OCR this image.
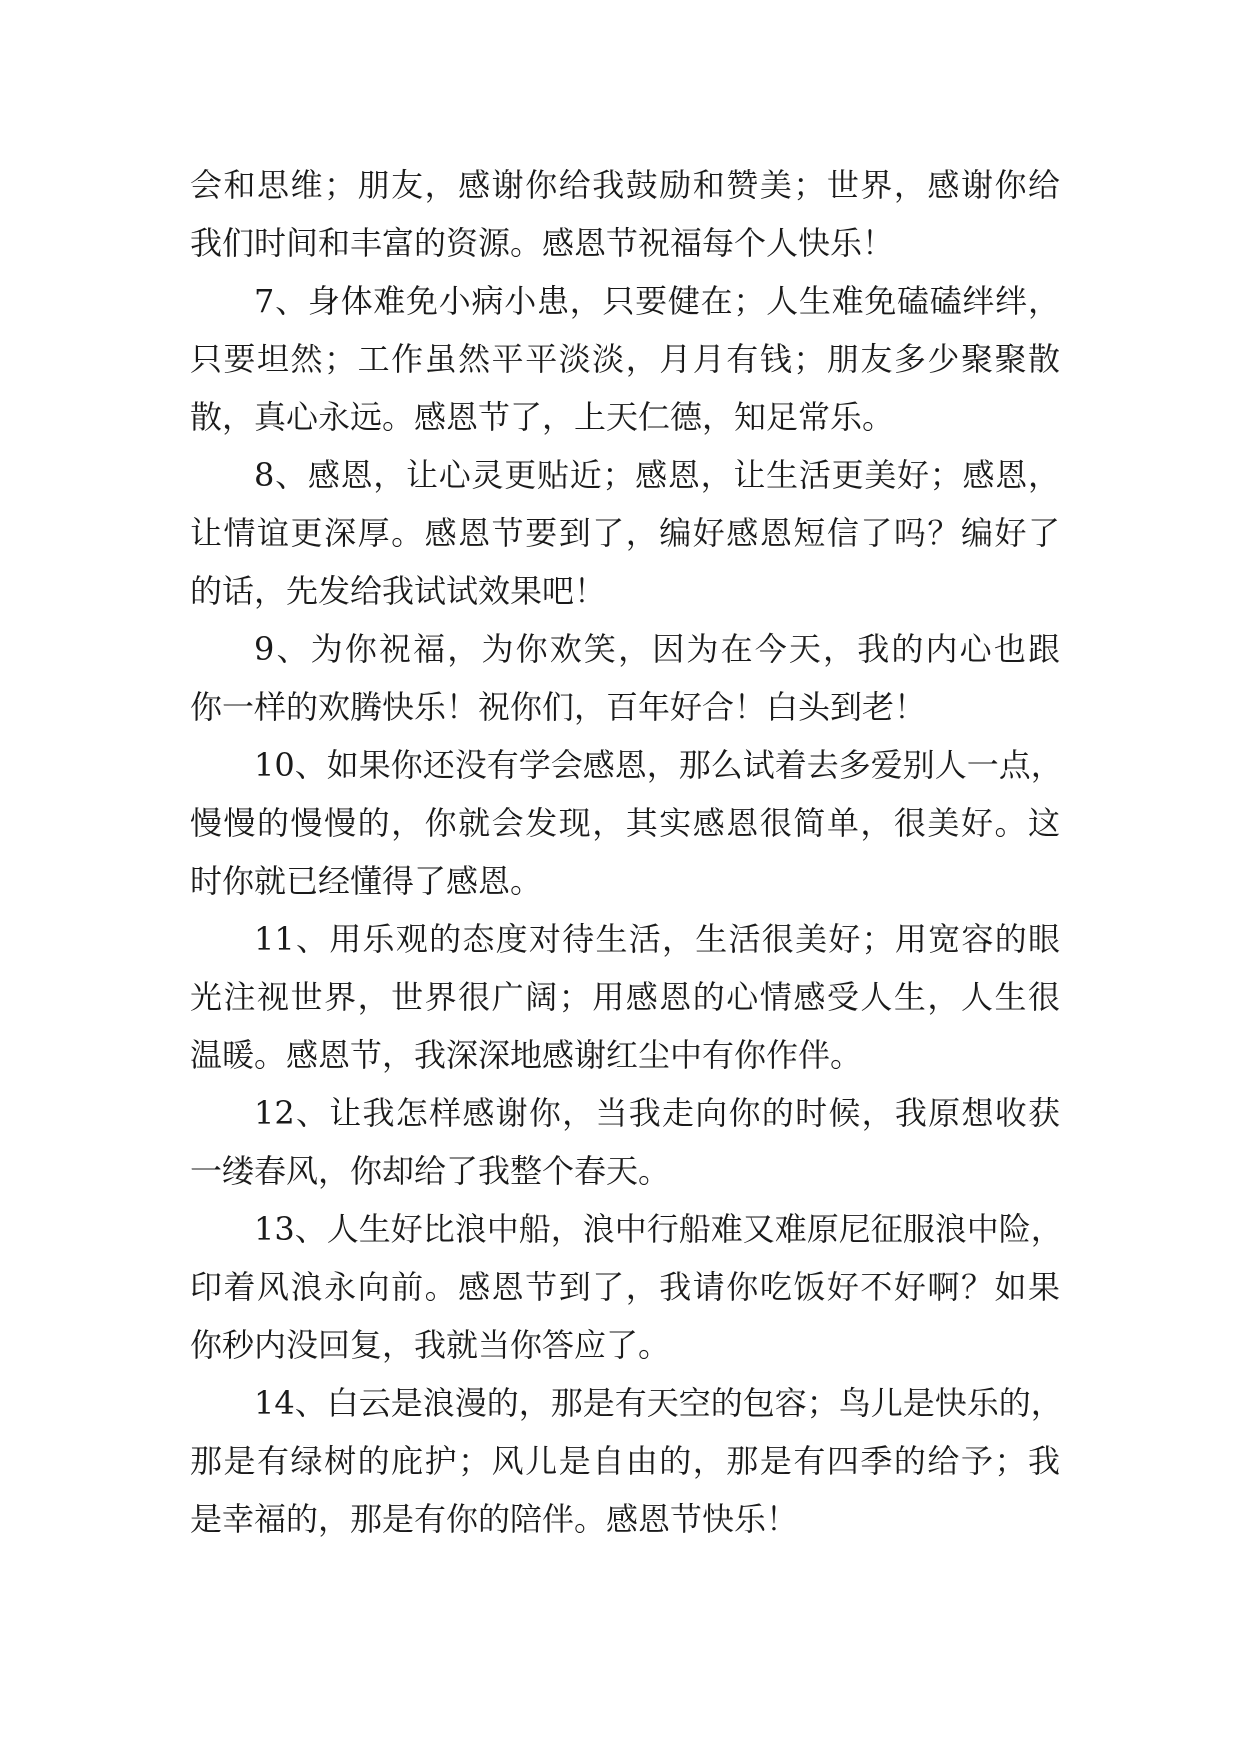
会和思维；朋友，感谢你给我鼓励和赞美；世界，感谢你给
我们时间和丰富的资源。感恩节祝福每个人快乐！
7、身体难免小病小患，只要健在；人生难免磕磕绊绊，
只要坦然；工作虽然平平淡淡，月月有钱；朋友多少聚聚散
散，真心永远。感恩节了，上天仁德，知足常乐。
8、感恩，让心灵更贴近；感恩，让生活更美好；感恩，
让情谊更深厚。感恩节要到了，编好感恩短信了吗？编好了
的话，先发给我试试效果吧！
9、为你祝福，为你欢笑，因为在今天，我的内心也跟
你一样的欢腾快乐！祝你们，百年好合！白头到老！
10、如果你还没有学会感恩，那么试着去多爱别人一点，
慢慢的慢慢的，你就会发现，其实感恩很简单，很美好。这
时你就已经懂得了感恩。
11、用乐观的态度对待生活，生活很美好；用宽容的眼
光注视世界，世界很广阔；用感恩的心情感受人生，人生很
温暖。感恩节，我深深地感谢红尘中有你作伴。
12、让我怎样感谢你，当我走向你的时候，我原想收获
一缕春风，你却给了我整个春天。
13、人生好比浪中船，浪中行船难又难原尼征服浪中险，
印着风浪永向前。感恩节到了，我请你吃饭好不好啊？如果
你秒内没回复，我就当你答应了。
14、白云是浪漫的，那是有天空的包容；鸟儿是快乐的，
那是有绿树的庇护；风儿是自由的，那是有四季的给予；我
是幸福的，那是有你的陪伴。感恩节快乐！
